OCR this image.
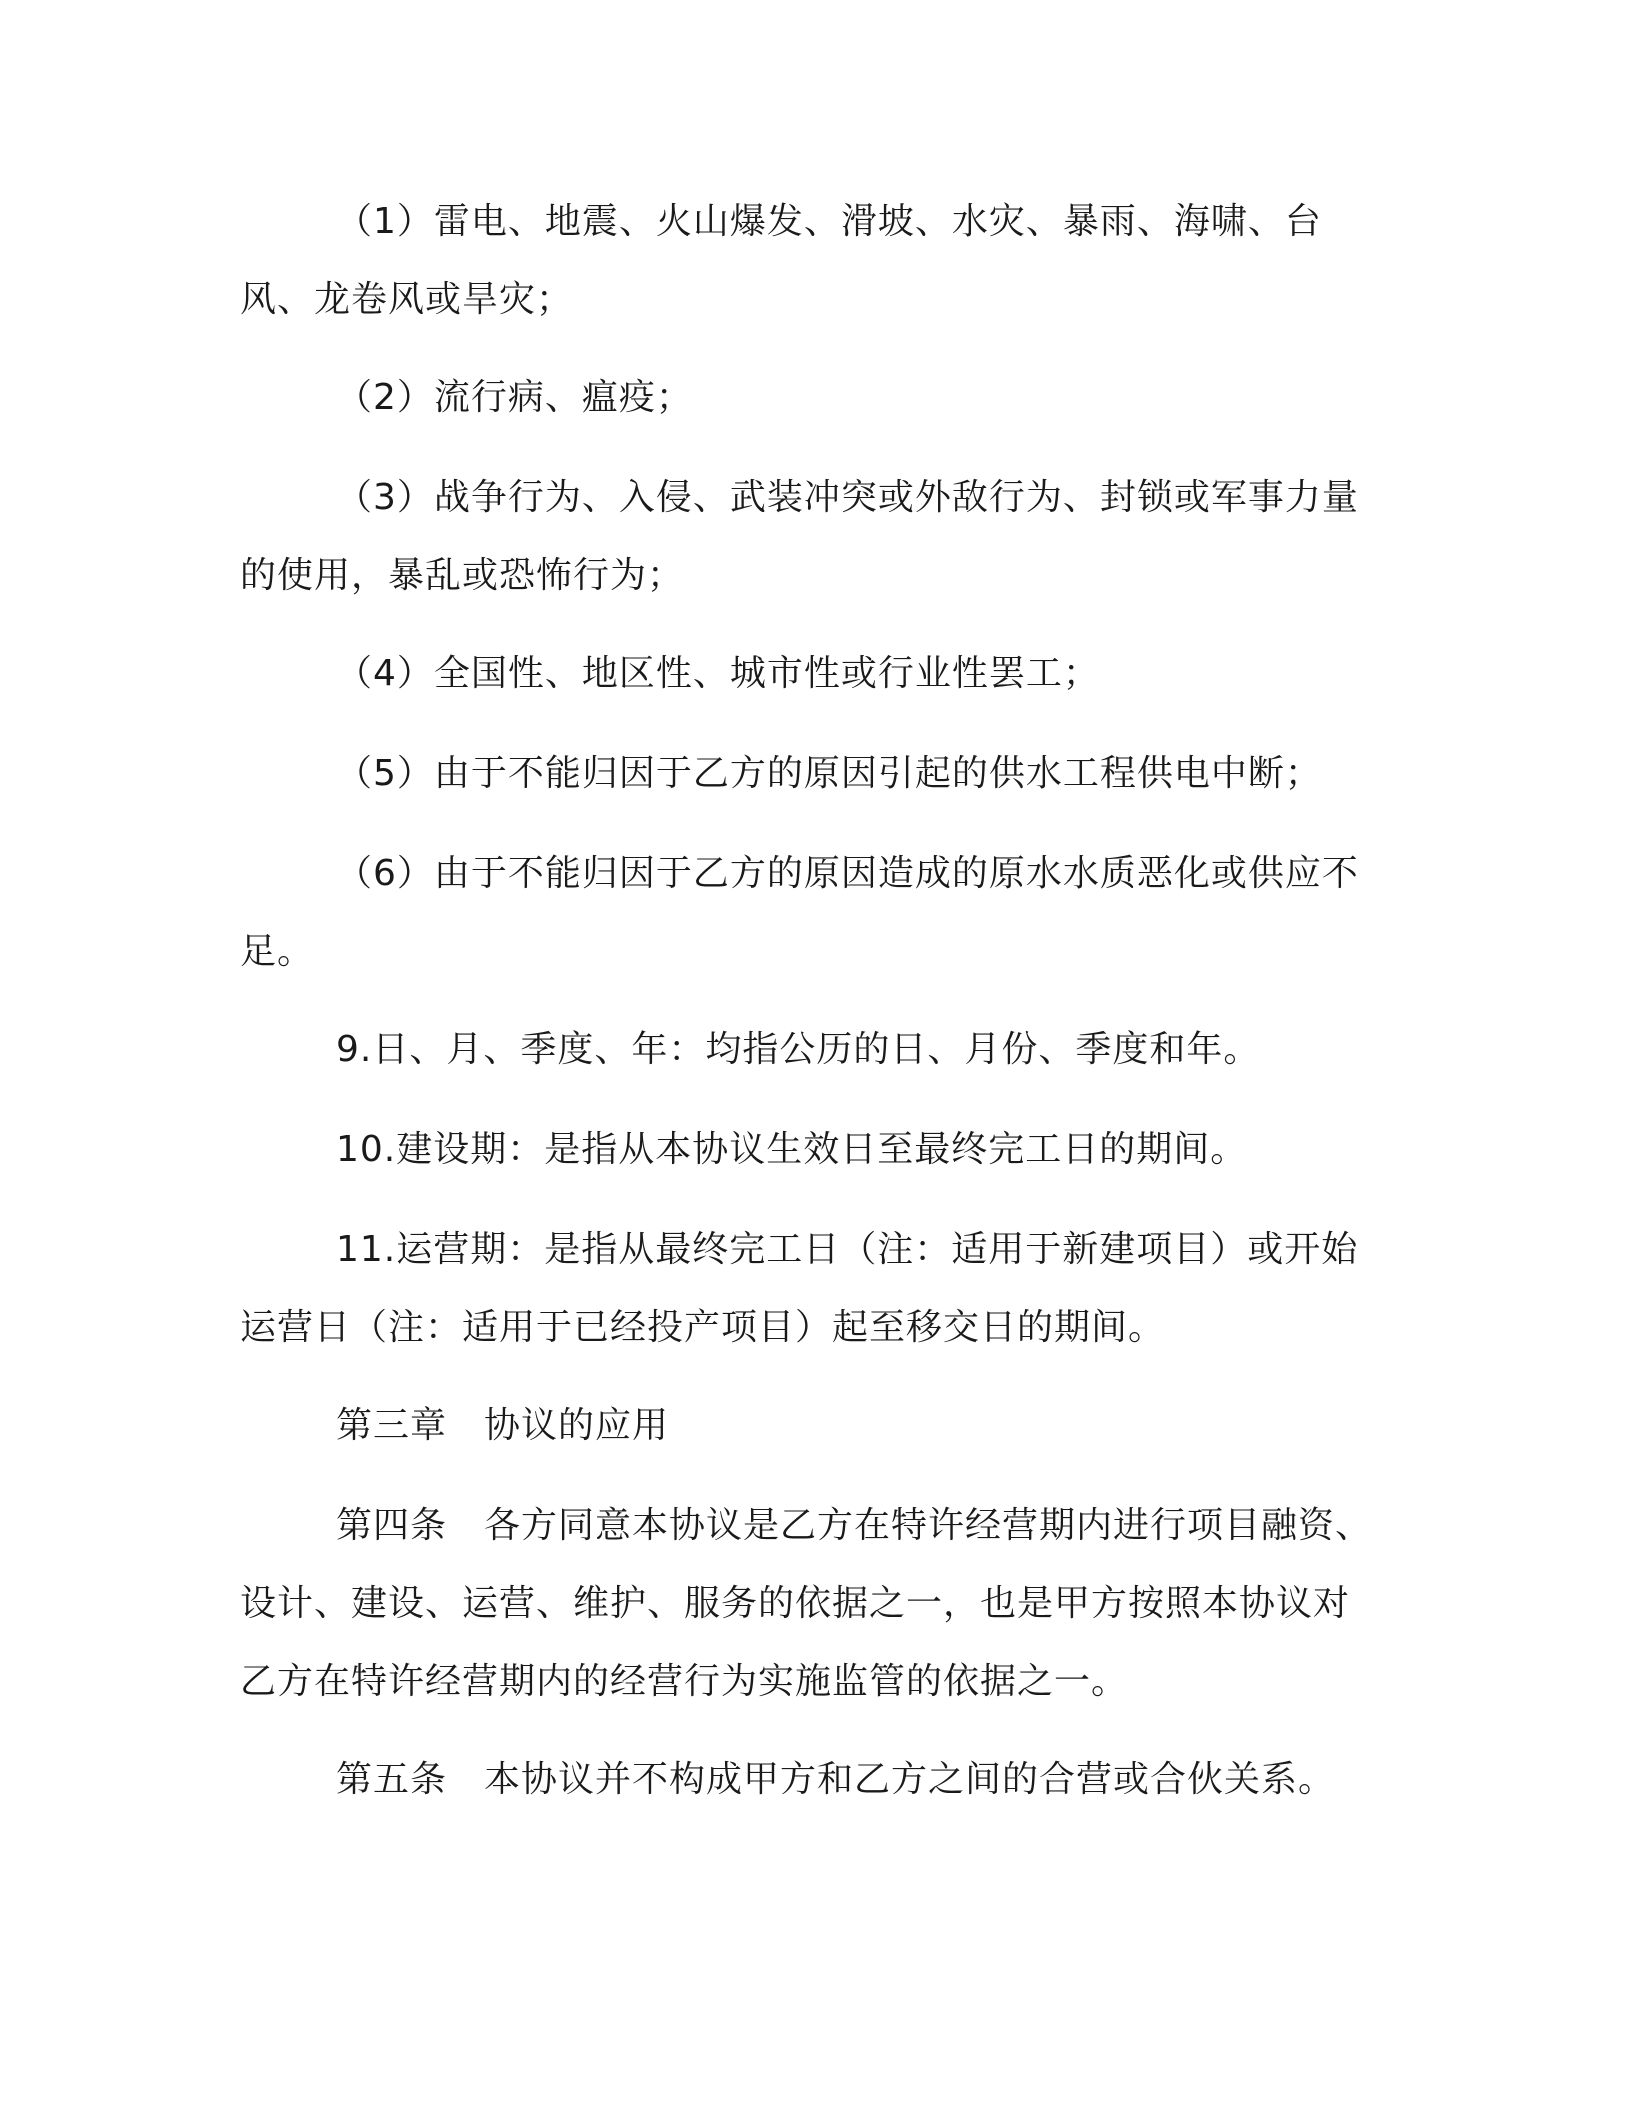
（1）雷电、地震、火山爆发、滑坡、水灾、暴雨、海啸、台风、龙卷风或旱灾；

（2）流行病、瘟疫；

（3）战争行为、入侵、武装冲突或外敌行为、封锁或军事力量的使用，暴乱或恐怖行为；

（4）全国性、地区性、城市性或行业性罢工；

（5）由于不能归因于乙方的原因引起的供水工程供电中断；

（6）由于不能归因于乙方的原因造成的原水水质恶化或供应不足。

9.日、月、季度、年：均指公历的日、月份、季度和年。

10.建设期：是指从本协议生效日至最终完工日的期间。

11.运营期：是指从最终完工日（注：适用于新建项目）或开始运营日（注：适用于已经投产项目）起至移交日的期间。

第三章　协议的应用

第四条　各方同意本协议是乙方在特许经营期内进行项目融资、设计、建设、运营、维护、服务的依据之一，也是甲方按照本协议对乙方在特许经营期内的经营行为实施监管的依据之一。

第五条　本协议并不构成甲方和乙方之间的合营或合伙关系。
